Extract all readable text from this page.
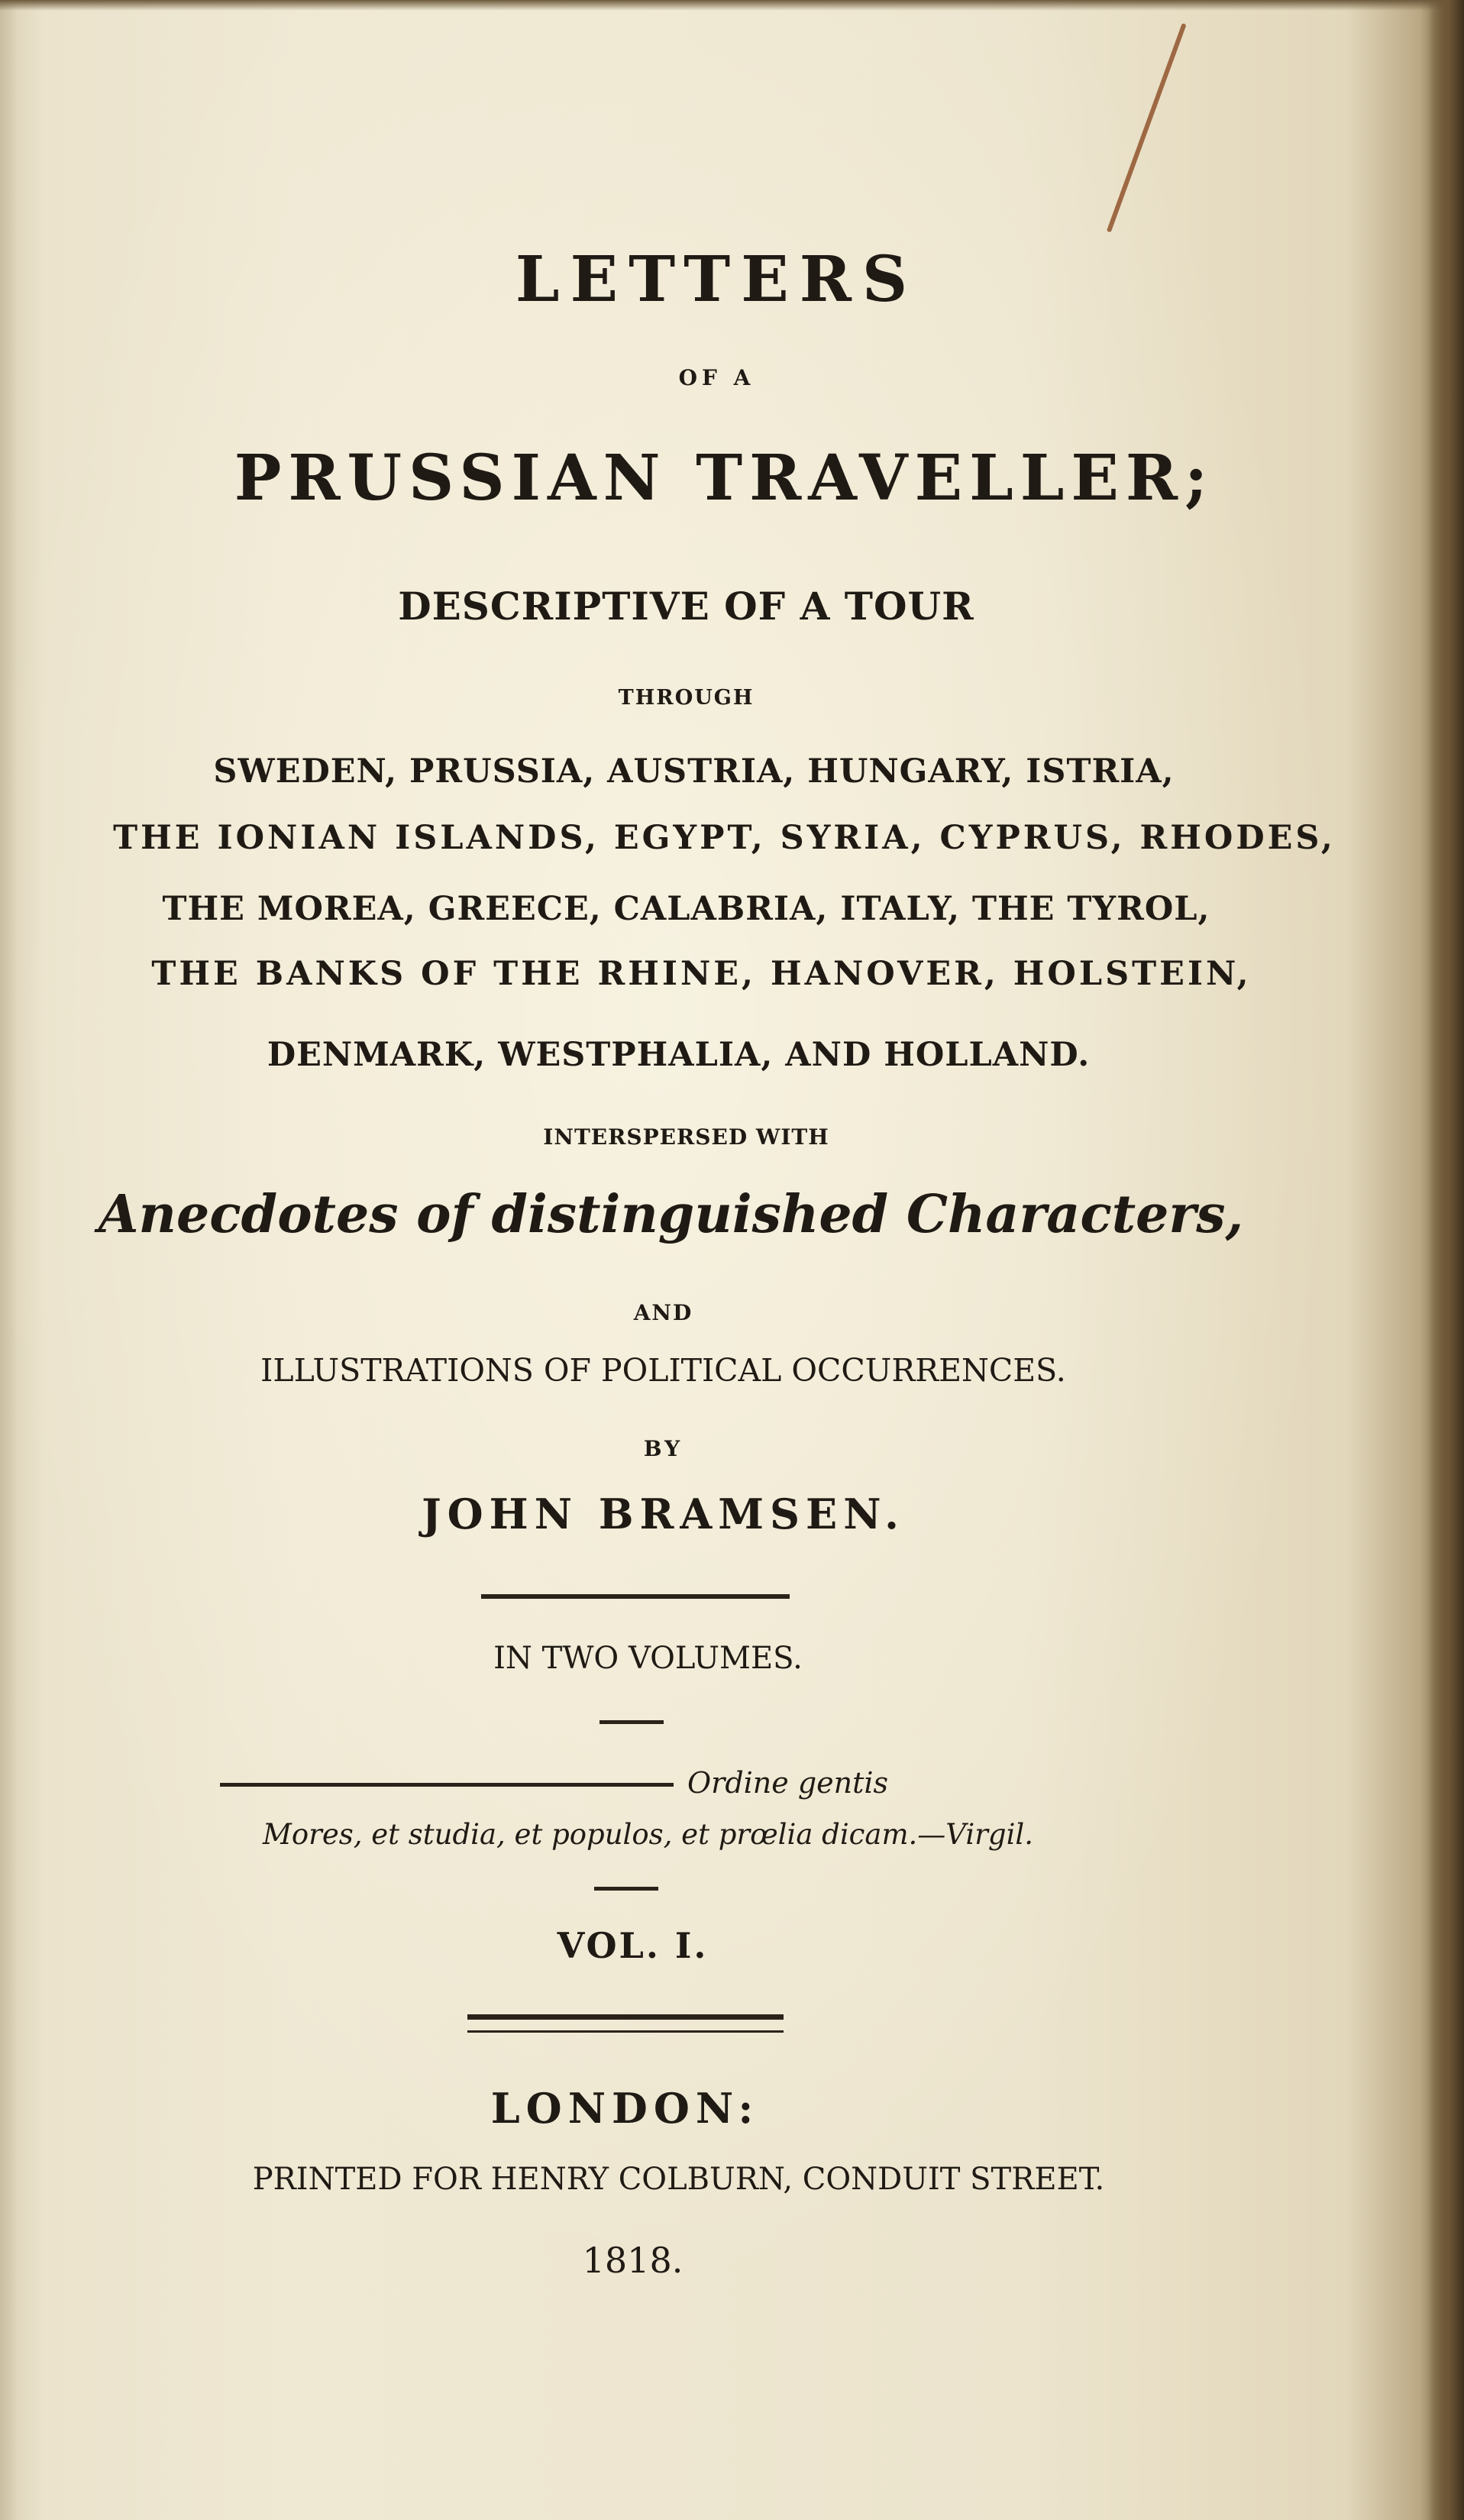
LETTERS
OF A
PRUSSIAN TRAVELLER;
DESCRIPTIVE OF A TOUR
THROUGH
SWEDEN, PRUSSIA, AUSTRIA, HUNGARY, ISTRIA,
THE IONIAN ISLANDS, EGYPT, SYRIA, CYPRUS, RHODES,
THE MOREA, GREECE, CALABRIA, ITALY, THE TYROL,
THE BANKS OF THE RHINE, HANOVER, HOLSTEIN,
DENMARK, WESTPHALIA, AND HOLLAND.
INTERSPERSED WITH
Anecdotes of distinguished Characters,
AND
ILLUSTRATIONS OF POLITICAL OCCURRENCES.
BY
JOHN BRAMSEN.
IN TWO VOLUMES.
Ordine gentis
Mores, et studia, et populos, et prœlia dicam.—Virgil.
VOL. I.
LONDON:
PRINTED FOR HENRY COLBURN, CONDUIT STREET.
1818.
